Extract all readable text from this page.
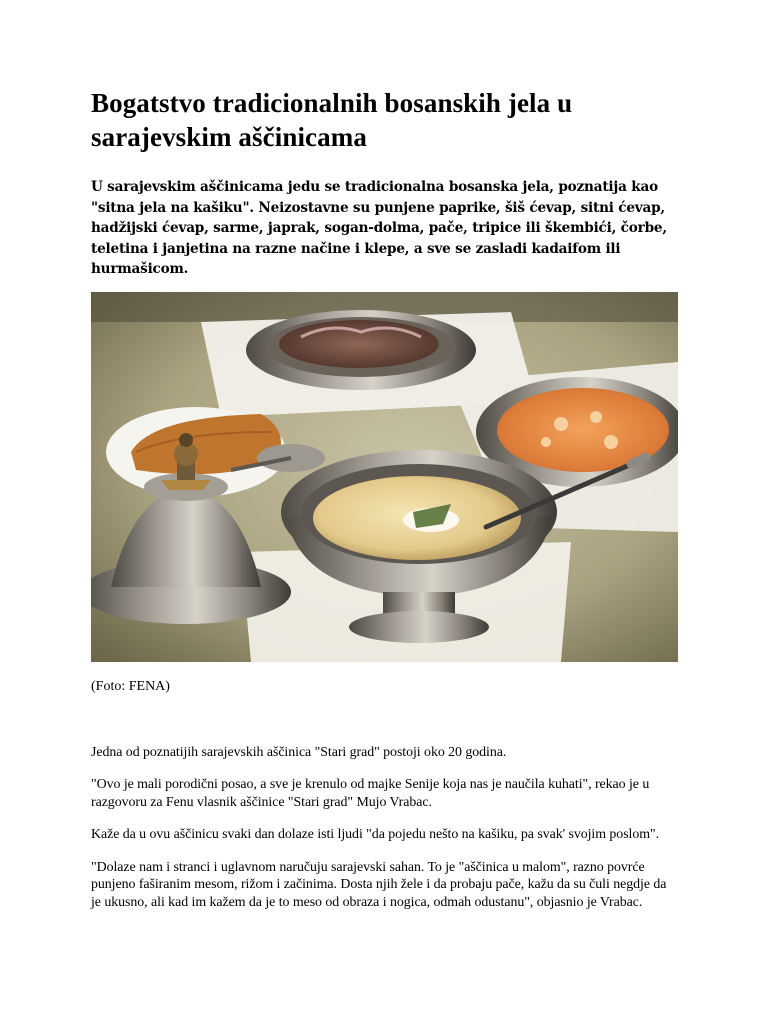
Bogatstvo tradicionalnih bosanskih jela u sarajevskim aščinicama

U sarajevskim aščinicama jedu se tradicionalna bosanska jela, poznatija kao "sitna jela na kašiku". Neizostavne su punjene paprike, šiš ćevap, sitni ćevap, hadžijski ćevap, sarme, japrak, sogan-dolma, pače, tripice ili škembići, čorbe, teletina i janjetina na razne načine i klepe, a sve se zasladi kadaifom ili hurmašicom.

(Foto: FENA)

Jedna od poznatijih sarajevskih aščinica "Stari grad" postoji oko 20 godina.

"Ovo je mali porodični posao, a sve je krenulo od majke Senije koja nas je naučila kuhati", rekao je u razgovoru za Fenu vlasnik aščinice "Stari grad" Mujo Vrabac.

Kaže da u ovu aščinicu svaki dan dolaze isti ljudi "da pojedu nešto na kašiku, pa svak' svojim poslom".

"Dolaze nam i stranci i uglavnom naručuju sarajevski sahan. To je "aščinica u malom", razno povrće punjeno faširanim mesom, rižom i začinima. Dosta njih žele i da probaju pače, kažu da su čuli negdje da je ukusno, ali kad im kažem da je to meso od obraza i nogica, odmah odustanu", objasnio je Vrabac.
